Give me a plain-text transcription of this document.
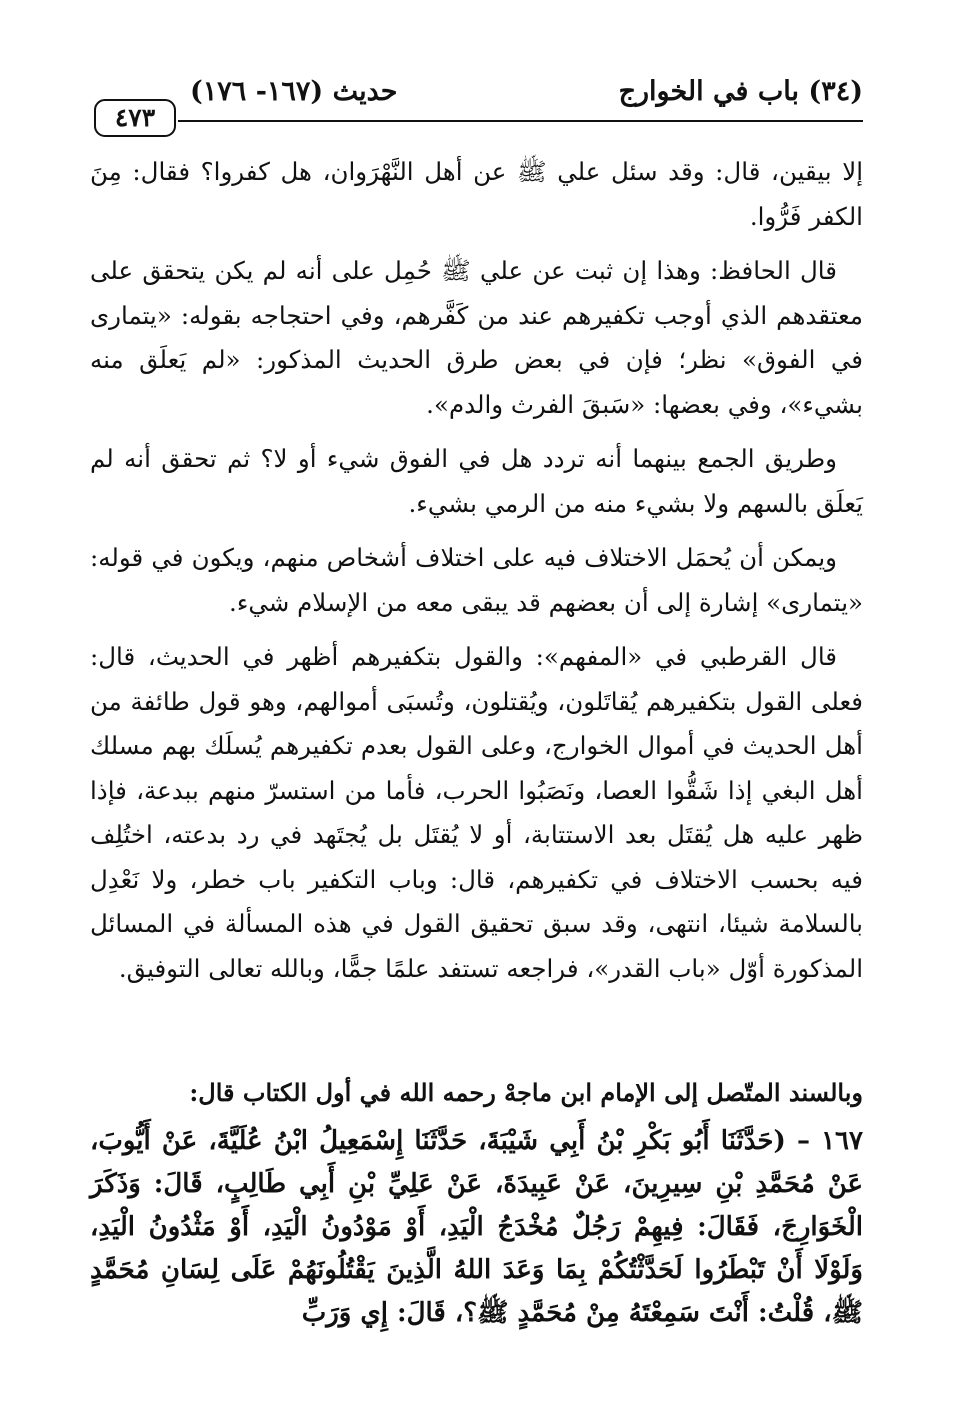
(٣٤) باب في الخوارج
حديث (١٦٧- ١٧٦)
٤٧٣

إلا بيقين، قال: وقد سئل علي ﷺ عن أهل النَّهْرَوان، هل كفروا؟ فقال: مِنَ الكفر فَرُّوا.

قال الحافظ: وهذا إن ثبت عن علي ﷺ حُمِل على أنه لم يكن يتحقق على معتقدهم الذي أوجب تكفيرهم عند من كَفَّرهم، وفي احتجاجه بقوله: «يتمارى في الفوق» نظر؛ فإن في بعض طرق الحديث المذكور: «لم يَعلَق منه بشيء»، وفي بعضها: «سَبقَ الفرث والدم».

وطريق الجمع بينهما أنه تردد هل في الفوق شيء أو لا؟ ثم تحقق أنه لم يَعلَق بالسهم ولا بشيء منه من الرمي بشيء.

ويمكن أن يُحمَل الاختلاف فيه على اختلاف أشخاص منهم، ويكون في قوله: «يتمارى» إشارة إلى أن بعضهم قد يبقى معه من الإسلام شيء.

قال القرطبي في «المفهم»: والقول بتكفيرهم أظهر في الحديث، قال: فعلى القول بتكفيرهم يُقاتَلون، ويُقتلون، وتُسبَى أموالهم، وهو قول طائفة من أهل الحديث في أموال الخوارج، وعلى القول بعدم تكفيرهم يُسلَك بهم مسلك أهل البغي إذا شَقُّوا العصا، ونَصَبُوا الحرب، فأما من استسرّ منهم ببدعة، فإذا ظهر عليه هل يُقتَل بعد الاستتابة، أو لا يُقتَل بل يُجتَهد في رد بدعته، اختُلِف فيه بحسب الاختلاف في تكفيرهم، قال: وباب التكفير باب خطر، ولا نَعْدِل بالسلامة شيئا، انتهى، وقد سبق تحقيق القول في هذه المسألة في المسائل المذكورة أوّل «باب القدر»، فراجعه تستفد علمًا جمًّا، وبالله تعالى التوفيق.

وبالسند المتّصل إلى الإمام ابن ماجهْ رحمه الله في أول الكتاب قال:

١٦٧ – (حَدَّثَنَا أَبُو بَكْرِ بْنُ أَبِي شَيْبَةَ، حَدَّثَنَا إِسْمَعِيلُ ابْنُ عُلَيَّةَ، عَنْ أَيُّوبَ، عَنْ مُحَمَّدِ بْنِ سِيرِينَ، عَنْ عَبِيدَةَ، عَنْ عَلِيِّ بْنِ أَبِي طَالِبٍ، قَالَ: وَذَكَرَ الْخَوَارِجَ، فَقَالَ: فِيهِمْ رَجُلٌ مُخْدَجُ الْيَدِ، أَوْ مَوْدُونُ الْيَدِ، أَوْ مَثْدُونُ الْيَدِ، وَلَوْلَا أَنْ تَبْطَرُوا لَحَدَّثْتُكُمْ بِمَا وَعَدَ اللهُ الَّذِينَ يَقْتُلُونَهُمْ عَلَى لِسَانِ مُحَمَّدٍ ﷺ، قُلْتُ: أَنْتَ سَمِعْتَهُ مِنْ مُحَمَّدٍ ﷺ؟، قَالَ: إِي وَرَبِّ
